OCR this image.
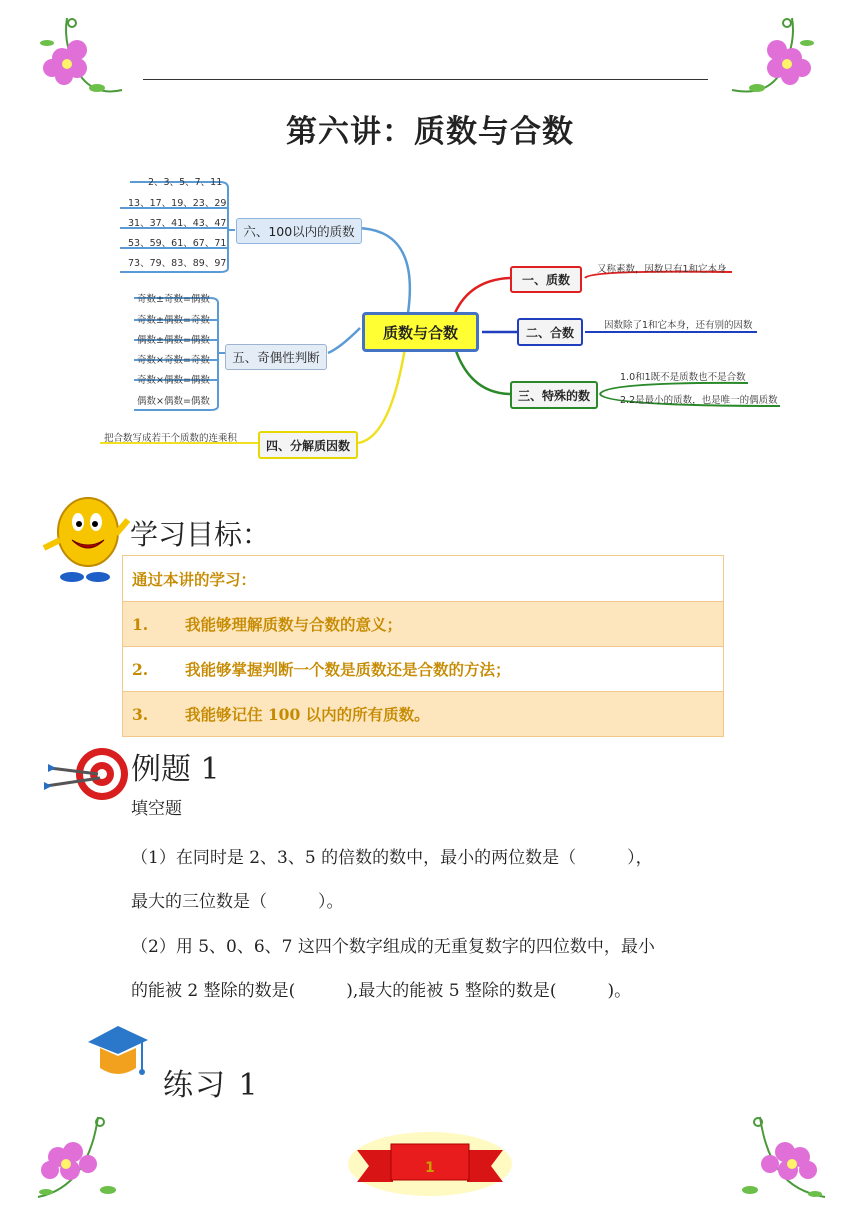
第六讲：质数与合数
质数与合数
一、质数
又称素数，因数只有1和它本身
二、合数	因数除了1和它本身，还有别的因数
三、特殊的数
1.0和1既不是质数也不是合数
2.2是最小的质数，也是唯一的偶质数
四、分解质因数
把合数写成若干个质数的连乘积
五、奇偶性判断
奇数±奇数=偶数
奇数±偶数=奇数
偶数±偶数=偶数
奇数×奇数=奇数
奇数×偶数=偶数
偶数×偶数=偶数
六、100以内的质数
2、3、5、7、11
13、17、19、23、29
31、37、41、43、47
53、59、61、67、71
73、79、83、89、97
学习目标：
通过本讲的学习：
1.	我能够理解质数与合数的意义；
2.	我能够掌握判断一个数是质数还是合数的方法；
3.	我能够记住 100 以内的所有质数。
例题 1
填空题
（1）在同时是 2、3、5 的倍数的数中，最小的两位数是（　　　），
最大的三位数是（　　　）。
（2）用 5、0、6、7 这四个数字组成的无重复数字的四位数中，最小
的能被 2 整除的数是(　　　),最大的能被 5 整除的数是(　　　)。
练习 1
1
